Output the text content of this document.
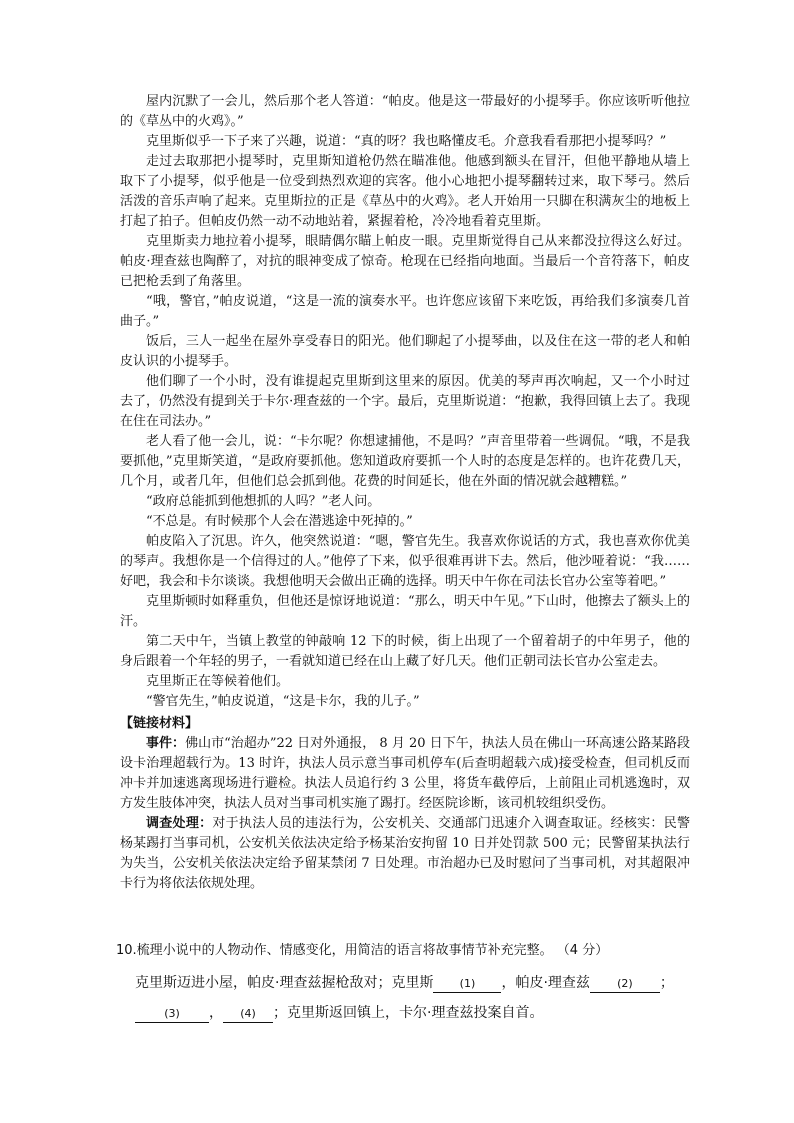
屋内沉默了一会儿，然后那个老人答道：“帕皮。他是这一带最好的小提琴手。你应该听听他拉的《草丛中的火鸡》。”

克里斯似乎一下子来了兴趣，说道：“真的呀？我也略懂皮毛。介意我看看那把小提琴吗？”

走过去取那把小提琴时，克里斯知道枪仍然在瞄准他。他感到额头在冒汗，但他平静地从墙上取下了小提琴，似乎他是一位受到热烈欢迎的宾客。他小心地把小提琴翻转过来，取下琴弓。然后活泼的音乐声响了起来。克里斯拉的正是《草丛中的火鸡》。老人开始用一只脚在积满灰尘的地板上打起了拍子。但帕皮仍然一动不动地站着，紧握着枪，冷冷地看着克里斯。

克里斯卖力地拉着小提琴，眼睛偶尔瞄上帕皮一眼。克里斯觉得自己从来都没拉得这么好过。帕皮·理查兹也陶醉了，对抗的眼神变成了惊奇。枪现在已经指向地面。当最后一个音符落下，帕皮已把枪丢到了角落里。

“哦，警官，”帕皮说道，“这是一流的演奏水平。也许您应该留下来吃饭，再给我们多演奏几首曲子。”

饭后，三人一起坐在屋外享受春日的阳光。他们聊起了小提琴曲，以及住在这一带的老人和帕皮认识的小提琴手。

他们聊了一个小时，没有谁提起克里斯到这里来的原因。优美的琴声再次响起，又一个小时过去了，仍然没有提到关于卡尔·理查兹的一个字。最后，克里斯说道：“抱歉，我得回镇上去了。我现在住在司法办。”

老人看了他一会儿，说：“卡尔呢？你想逮捕他，不是吗？”声音里带着一些调侃。“哦，不是我要抓他，”克里斯笑道，“是政府要抓他。您知道政府要抓一个人时的态度是怎样的。也许花费几天，几个月，或者几年，但他们总会抓到他。花费的时间延长，他在外面的情况就会越糟糕。”

“政府总能抓到他想抓的人吗？”老人问。

“不总是。有时候那个人会在潜逃途中死掉的。”

帕皮陷入了沉思。许久，他突然说道：“嗯，警官先生。我喜欢你说话的方式，我也喜欢你优美的琴声。我想你是一个信得过的人。”他停了下来，似乎很难再讲下去。然后，他沙哑着说：“我……好吧，我会和卡尔谈谈。我想他明天会做出正确的选择。明天中午你在司法长官办公室等着吧。”

克里斯顿时如释重负，但他还是惊讶地说道：“那么，明天中午见。”下山时，他擦去了额头上的汗。

第二天中午，当镇上教堂的钟敲响 12 下的时候，街上出现了一个留着胡子的中年男子，他的身后跟着一个年轻的男子，一看就知道已经在山上藏了好几天。他们正朝司法长官办公室走去。

克里斯正在等候着他们。

“警官先生，”帕皮说道，“这是卡尔，我的儿子。”

【链接材料】

事件：佛山市“治超办”22 日对外通报， 8 月 20 日下午，执法人员在佛山一环高速公路某路段设卡治理超载行为。13 时许，执法人员示意当事司机停车(后查明超载六成)接受检查，但司机反而冲卡并加速逃离现场进行避检。执法人员追行约 3 公里，将货车截停后，上前阻止司机逃逸时，双方发生肢体冲突，执法人员对当事司机实施了踢打。经医院诊断，该司机较组织受伤。

调查处理：对于执法人员的违法行为，公安机关、交通部门迅速介入调查取证。经核实：民警杨某踢打当事司机，公安机关依法决定给予杨某治安拘留 10 日并处罚款 500 元；民警留某执法行为失当，公安机关依法决定给予留某禁闭 7 日处理。市治超办已及时慰问了当事司机，对其超限冲卡行为将依法依规处理。

10.梳理小说中的人物动作、情感变化，用简洁的语言将故事情节补充完整。 （4 分）

克里斯迈进小屋，帕皮·理查兹握枪敌对；克里斯 (1) ，帕皮·理查兹 (2) ；
(3) ， (4) ；克里斯返回镇上，卡尔·理查兹投案自首。
